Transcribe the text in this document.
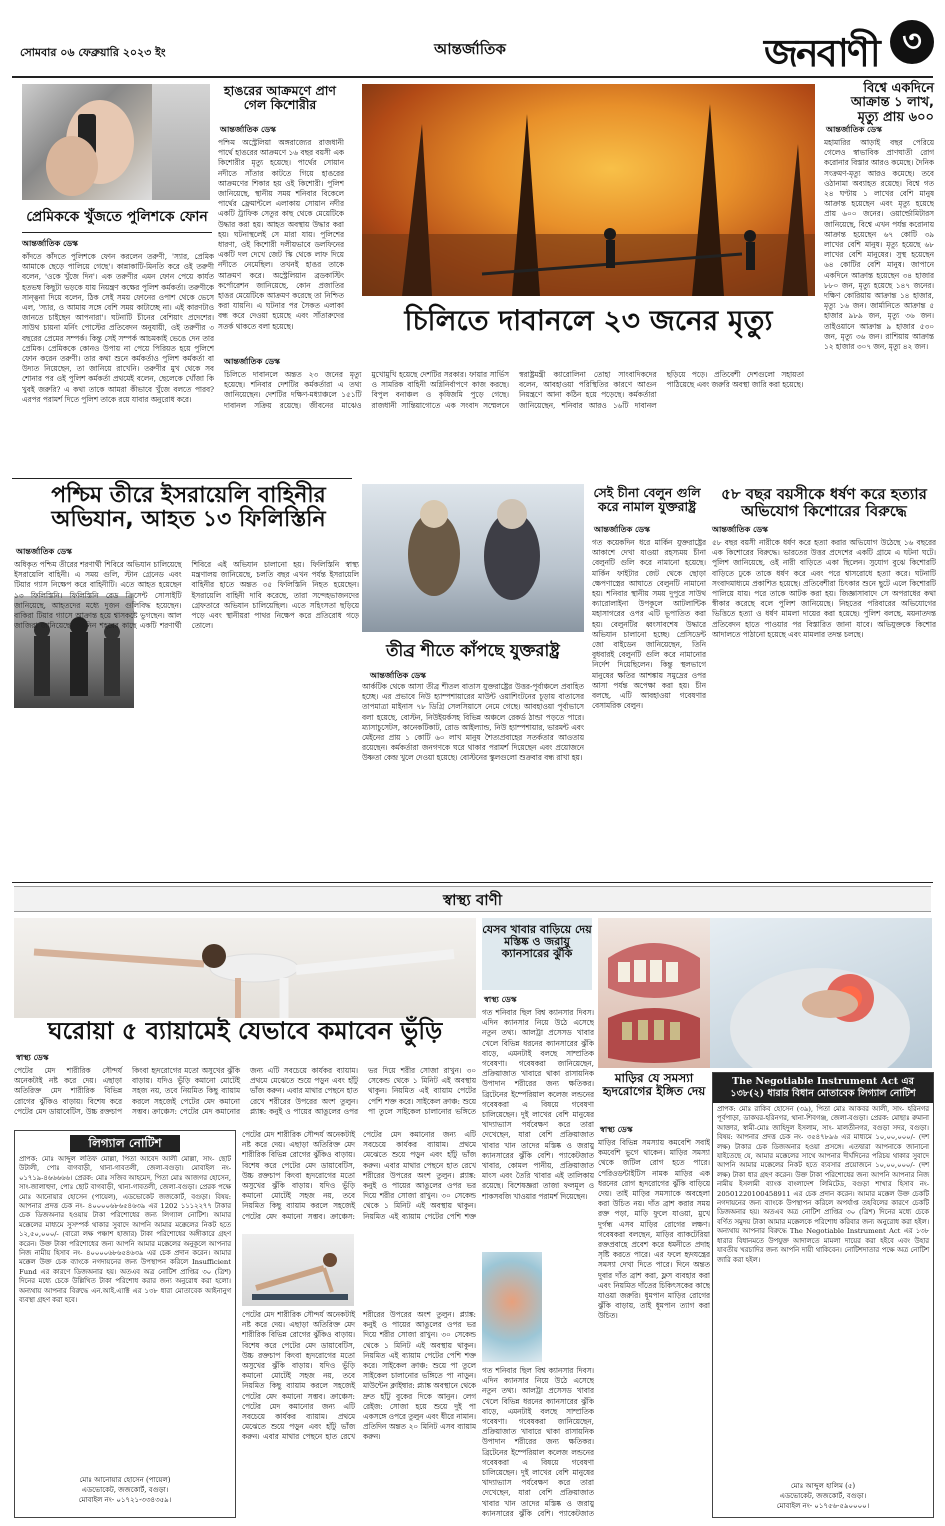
সোমবার ০৬ ফেব্রুয়ারি ২০২৩ ইং	আন্তর্জাতিক	জনবাণী ৩
প্রেমিককে খুঁজতে পুলিশকে ফোন
আন্তর্জাতিক ডেস্ক
কাঁদতে কাঁদতে পুলিশকে ফোন করলেন তরুণী, 'স্যার, প্রেমিক আমাকে ছেড়ে পালিয়ে গেছে'। কান্নাকাটি-মিনতি করে ওই তরুণী বলেন, 'ওকে খুঁজে দিন'। এক তরুণীর এমন ফোন পেয়ে কার্যত হতভম্ব কিছুটা ভড়কে যায় নিয়ন্ত্রণ কক্ষের পুলিশ কর্মকর্তা। তরুণীকে সান্ত্বনা দিয়ে বলেন, ঠিক সেই সময় ফোনের ওপাশ থেকে ভেসে এল, 'স্যার, ও আমায় সঙ্গে বেশি সময় কাটাচ্ছে না। এই কারণটাও জানতে চাইছেন আপনারা'। ঘটনাটি চীনের বেশিয়াং প্রদেশের। সাউথ চায়না মর্নিং পোস্টের প্রতিবেদন অনুযায়ী, ওই তরুণীর ৩ বছরের প্রেমের সম্পর্ক। কিন্তু সেই সম্পর্ক আচমকাই ভেঙে দেন তার প্রেমিক। প্রেমিককে কোনও উপায় না পেয়ে পিরিয়ত হয়ে পুলিশে ফোন করেন তরুণী। তার কথা শুনে কর্মকর্তাও পুলিশ কর্মকর্তা বা উদ্যত নিয়েছেন, তা জানিয়ে রাখেনি। তরুণীর মুখ থেকে সব শোনার পর ওই পুলিশ কর্মকর্তা প্রথমেই বলেন, ছেলেকে খোঁজা কি খুবই জরুরি? এ কথা তাকে আমরা কীভাবে খুঁজে বলতে পারব? এরপর পরামর্শ দিতে পুলিশ তাকে রয়ে যাবার অনুরোধ করে।
হাঙরের আক্রমণে প্রাণ গেল কিশোরীর
আন্তর্জাতিক ডেস্ক
পশ্চিম অস্ট্রেলিয়া অঙ্গরাজ্যের রাজধানী পার্থে হাঙরের আক্রমণে ১৬ বছর বয়সী এক কিশোরীর মৃত্যু হয়েছে। পার্থের সোয়ান নদীতে সাঁতার কাটতে গিয়ে হাঙরের আক্রমণের শিকার হয় ওই কিশোরী। পুলিশ জানিয়েছে, স্থানীয় সময় শনিবার বিকেলে পার্থের ফ্রেমান্টলে এলাকায় সোয়ান নদীর একটি ট্রাফিক সেতুর কাছ থেকে মেয়েটিকে উদ্ধার করা হয়। আহত অবস্থায় উদ্ধার করা হয়। ঘটনাস্থলেই সে মারা যায়। পুলিশের ধারণা, ওই কিশোরী দলীয়ভাবে ডলফিনের একটি দল দেখে জেট স্কি থেকে লাফ দিয়ে নদীতে নেমেছিল। তখনই হাঙর তাকে আক্রমণ করে। অস্ট্রেলিয়ান ব্রডকাস্টিং কর্পোরেশন জানিয়েছে, কোন প্রজাতির হাঙর মেয়েটিকে আক্রমণ করেছে তা নিশ্চিত করা যায়নি। এ ঘটনার পর সৈকত এলাকা বন্ধ করে দেওয়া হয়েছে এবং সাঁতারুদের সতর্ক থাকতে বলা হয়েছে।	চিলিতে দাবানলে ২৩ জনের মৃত্যু
আন্তর্জাতিক ডেস্ক
চিলিতে দাবানলে অন্তত ২৩ জনের মৃত্যু হয়েছে। শনিবার দেশটির কর্মকর্তারা এ তথ্য জানিয়েছেন। দেশটির দক্ষিণ-মধ্যাঞ্চলে ১৫১টি দাবানল সক্রিয় রয়েছে। জীবনের মাঝেও মুখোমুখি হয়েছে দেশটির সরকার। ফায়ার সার্ভিস ও সামরিক বাহিনী অগ্নিনির্বাপণে কাজ করছে। বিপুল বনাঞ্চল ও কৃষিজমি পুড়ে গেছে। রাজধানী সান্তিয়াগোতে এক সংবাদ সম্মেলনে স্বরাষ্ট্রমন্ত্রী ক্যারোলিনা তোহা সাংবাদিকদের বলেন, আবহাওয়া পরিস্থিতির কারণে আগুন নিয়ন্ত্রণে আনা কঠিন হয়ে পড়েছে। কর্মকর্তারা জানিয়েছেন, শনিবার আরও ১৬টি দাবানল ছড়িয়ে পড়ে। প্রতিবেশী দেশগুলো সহায়তা পাঠিয়েছে এবং জরুরি অবস্থা জারি করা হয়েছে।
বিশ্বে একদিনে আক্রান্ত ১ লাখ, মৃত্যু প্রায় ৬০০
আন্তর্জাতিক ডেস্ক
মহামারির আড়াই বছর পেরিয়ে গেলেও স্বাভাবিক প্রাণঘাতী রোগ করোনার বিস্তার আরও কমেছে। দৈনিক সংক্রমণ-মৃত্যু আরও কমেছে। তবে ওঠানামা অব্যাহত রয়েছে। বিশ্বে গত ২৪ ঘণ্টায় ১ লাখের বেশি মানুষ আক্রান্ত হয়েছেন এবং মৃত্যু হয়েছে প্রায় ৬০০ জনের। ওয়ার্ল্ডোমিটারস জানিয়েছে, বিশ্বে এখন পর্যন্ত করোনায় আক্রান্ত হয়েছেন ৬৭ কোটি ৩৯ লাখের বেশি মানুষ। মৃত্যু হয়েছে ৬৮ লাখের বেশি মানুষের। সুস্থ হয়েছেন ৬৪ কোটির বেশি মানুষ। জাপানে একদিনে আক্রান্ত হয়েছেন ৩৪ হাজার ৮৮০ জন, মৃত্যু হয়েছে ১৪৭ জনের। দক্ষিণ কোরিয়ায় আক্রান্ত ১৪ হাজার, মৃত্যু ১৬ জন। জার্মানিতে আক্রান্ত ৫ হাজার ৯৮৯ জন, মৃত্যু ৩৬ জন। তাইওয়ানে আক্রান্ত ৯ হাজার ৫৩০ জন, মৃত্যু ৩৬ জন। রাশিয়ায় আক্রান্ত ১২ হাজার ৩০৭ জন, মৃত্যু ৪২ জন।
পশ্চিম তীরে ইসরায়েলি বাহিনীর অভিযান, আহত ১৩ ফিলিস্তিনি
আন্তর্জাতিক ডেস্ক
অধিকৃত পশ্চিম তীরের শরণার্থী শিবিরে অভিযান চালিয়েছে ইসরায়েলি বাহিনী। এ সময় গুলি, স্টান গ্রেনেড এবং টিয়ার গ্যাস নিক্ষেপ করে বাহিনীটি। এতে আহত হয়েছেন ১৩ ফিলিস্তিনি। ফিলিস্তিনি রেড ক্রিসেন্ট সোসাইটি জানিয়েছে, আহতদের মধ্যে দুজন গুলিবিদ্ধ হয়েছেন। বাকিরা টিয়ার গ্যাসে আক্রান্ত হয়ে শ্বাসকষ্টে ভুগছেন। আল জাজিরা জানিয়েছে, জেনিন শহরের কাছে একটি শরণার্থী শিবিরে এই অভিযান চালানো হয়। ফিলিস্তিনি স্বাস্থ্য মন্ত্রণালয় জানিয়েছে, চলতি বছর এখন পর্যন্ত ইসরায়েলি বাহিনীর হাতে অন্তত ৩৫ ফিলিস্তিনি নিহত হয়েছেন। ইসরায়েলি বাহিনী দাবি করেছে, তারা সন্দেহভাজনদের গ্রেফতারে অভিযান চালিয়েছিল। এতে সহিংসতা ছড়িয়ে পড়ে এবং স্থানীয়রা পাথর নিক্ষেপ করে প্রতিরোধ গড়ে তোলে।
তীব্র শীতে কাঁপছে যুক্তরাষ্ট্র
আন্তর্জাতিক ডেস্ক
আর্কটিক থেকে আসা তীব্র শীতল বাতাস যুক্তরাষ্ট্রের উত্তর-পূর্বাঞ্চলে প্রবাহিত হচ্ছে। এর প্রভাবে নিউ হ্যাম্পশায়ারের মাউন্ট ওয়াশিংটনের চূড়ায় বাতাসের তাপমাত্রা মাইনাস ৭৮ ডিগ্রি সেলসিয়াসে নেমে গেছে। আবহাওয়া পূর্বাভাসে বলা হয়েছে, বোস্টন, নিউইয়র্কসহ বিভিন্ন অঞ্চলে রেকর্ড ঠান্ডা পড়তে পারে। ম্যাসাচুসেটস, কানেকটিকাট, রোড আইল্যান্ড, নিউ হ্যাম্পশায়ার, ভারমন্ট এবং মেইনের প্রায় ১ কোটি ৬০ লাখ মানুষ শৈত্যপ্রবাহের সতর্কতার আওতায় রয়েছেন। কর্মকর্তারা জনগণকে ঘরে থাকার পরামর্শ দিয়েছেন এবং প্রয়োজনে উষ্ণতা কেন্দ্র খুলে দেওয়া হয়েছে। বোস্টনের স্কুলগুলো শুক্রবার বন্ধ রাখা হয়।
সেই চীনা বেলুন গুলি করে নামাল যুক্তরাষ্ট্র
আন্তর্জাতিক ডেস্ক
গত কয়েকদিন ধরে মার্কিন যুক্তরাষ্ট্রের আকাশে দেখা যাওয়া রহস্যময় চীনা বেলুনটি গুলি করে নামানো হয়েছে। মার্কিন ফাইটার জেট থেকে ছোড়া ক্ষেপণাস্ত্রের আঘাতে বেলুনটি নামানো হয়। শনিবার স্থানীয় সময় দুপুরে সাউথ ক্যারোলাইনা উপকূলে আটলান্টিক মহাসাগরের ওপর এটি ভূপাতিত করা হয়। বেলুনটির ধ্বংসাবশেষ উদ্ধারে অভিযান চালানো হচ্ছে। প্রেসিডেন্ট জো বাইডেন জানিয়েছেন, তিনি বুধবারই বেলুনটি গুলি করে নামানোর নির্দেশ দিয়েছিলেন। কিন্তু স্থলভাগে মানুষের ক্ষতির আশঙ্কায় সমুদ্রের ওপর আসা পর্যন্ত অপেক্ষা করা হয়। চীন বলছে, এটি আবহাওয়া গবেষণার বেসামরিক বেলুন।
৫৮ বছর বয়সীকে ধর্ষণ করে হত্যার অভিযোগ কিশোরের বিরুদ্ধে
আন্তর্জাতিক ডেস্ক
৫৮ বছর বয়সী নারীকে ধর্ষণ করে হত্যা করার অভিযোগ উঠেছে ১৬ বছরের এক কিশোরের বিরুদ্ধে। ভারতের উত্তর প্রদেশের একটি গ্রামে এ ঘটনা ঘটে। পুলিশ জানিয়েছে, ওই নারী বাড়িতে একা ছিলেন। সুযোগ বুঝে কিশোরটি বাড়িতে ঢুকে তাকে ধর্ষণ করে এবং পরে শ্বাসরোধে হত্যা করে। ঘটনাটি সংবাদমাধ্যমে প্রকাশিত হয়েছে। প্রতিবেশীরা চিৎকার শুনে ছুটে এলে কিশোরটি পালিয়ে যায়। পরে তাকে আটক করা হয়। জিজ্ঞাসাবাদে সে অপরাধের কথা স্বীকার করেছে বলে পুলিশ জানিয়েছে। নিহতের পরিবারের অভিযোগের ভিত্তিতে হত্যা ও ধর্ষণ মামলা দায়ের করা হয়েছে। পুলিশ বলছে, ময়নাতদন্ত প্রতিবেদন হাতে পাওয়ার পর বিস্তারিত জানা যাবে। অভিযুক্তকে কিশোর আদালতে পাঠানো হয়েছে এবং মামলার তদন্ত চলছে।
স্বাস্থ্য বাণী
ঘরোয়া ৫ ব্যায়ামেই যেভাবে কমাবেন ভুঁড়ি
স্বাস্থ্য ডেস্ক
পেটের মেদ শারীরিক সৌন্দর্য অনেকটাই নষ্ট করে দেয়। এছাড়া অতিরিক্ত মেদ শারীরিক বিভিন্ন রোগের ঝুঁকিও বাড়ায়। বিশেষ করে পেটের মেদ ডায়াবেটিস, উচ্চ রক্তচাপ কিংবা হৃদরোগের মতো অসুখের ঝুঁকি বাড়ায়। যদিও ভুঁড়ি কমানো মোটেই সহজ নয়, তবে নিয়মিত কিছু ব্যায়াম করলে সহজেই পেটের মেদ কমানো সম্ভব। ক্রাঞ্চেস: পেটের মেদ কমানোর জন্য এটি সবচেয়ে কার্যকর ব্যায়াম। প্রথমে মেঝেতে শুয়ে পড়ুন এবং হাঁটু ভাঁজ করুন। এবার মাথার পেছনে হাত রেখে শরীরের উপরের অংশ তুলুন। প্ল্যাঙ্ক: কনুই ও পায়ের আঙুলের ওপর ভর দিয়ে শরীর সোজা রাখুন। ৩০ সেকেন্ড থেকে ১ মিনিট এই অবস্থায় থাকুন। নিয়মিত এই ব্যায়াম পেটের পেশি শক্ত করে। সাইকেল ক্রাঞ্চ: শুয়ে পা তুলে সাইকেল চালানোর ভঙ্গিতে
লিগ্যাল নোটিশ
প্রাপক: মোঃ আব্দুল লতিফ মোল্লা, পিতা আবেদ আলী মোল্লা, সাং- ছোট উটালী, পোঃ বাগবাড়ী, থানা-গাবতলী, জেলা-বগুড়া। মোবাইল নং- ০১৭১৯-৪৬৬৬৬৬। প্রেরক: মোঃ সজিব আহমেদ, পিতা মোঃ আজগর হোসেন, সাং-জালাহুদা, পোঃ ছোট বাগবাড়ী, থানা-গাবতলী, জেলা-বগুড়া। প্রেরক পক্ষে মোঃ আনোয়ার হোসেন (পায়েল), এডভোকেট জজকোর্ট, বগুড়া। বিষয়: আপনার প্রদত্ত চেক নং- ৪০০০০৬৮৬৫৪৬৩৯ এর 1202 ১১১২২৭৭ টাকার চেক ডিজঅনার হওয়ায় টাকা পরিশোধের জন্য লিগ্যাল নোটিশ। আমার মক্কেলের মাধ্যমে সুসম্পর্ক থাকার সুবাদে আপনি আমার মক্কেলের নিকট হতে ১২,৫০,০০০/- (বারো লক্ষ পঞ্চাশ হাজার) টাকা পরিশোধের অঙ্গীকারে গ্রহণ করেন। উক্ত টাকা পরিশোধের জন্য আপনি আমার মক্কেলের অনুকূলে আপনার নিজ নামীয় হিসাব নং- ৪০০০০৬৮৬৫৪৬৩৯ এর চেক প্রদান করেন। আমার মক্কেল উক্ত চেক ব্যাংকে নগদায়নের জন্য উপস্থাপন করিলে Insufficient Fund এর কারণে ডিজঅনার হয়। অতএব অত্র নোটিশ প্রাপ্তির ৩০ (ত্রিশ) দিনের মধ্যে চেকে উল্লিখিত টাকা পরিশোধ করার জন্য অনুরোধ করা হলো। অন্যথায় আপনার বিরুদ্ধে এন.আই.এ্যাক্ট এর ১৩৮ ধারা মোতাবেক আইনানুগ ব্যবস্থা গ্রহণ করা হবে।
মোঃ আনোয়ার হোসেন (পায়েল)
এডভোকেট, জজকোর্ট, বগুড়া।
মোবাইল নং- ০১৭২১-৩৩৪৩৫৯।
পেটের মেদ শারীরিক সৌন্দর্য অনেকটাই নষ্ট করে দেয়। এছাড়া অতিরিক্ত মেদ শারীরিক বিভিন্ন রোগের ঝুঁকিও বাড়ায়। বিশেষ করে পেটের মেদ ডায়াবেটিস, উচ্চ রক্তচাপ কিংবা হৃদরোগের মতো অসুখের ঝুঁকি বাড়ায়। যদিও ভুঁড়ি কমানো মোটেই সহজ নয়, তবে নিয়মিত কিছু ব্যায়াম করলে সহজেই পেটের মেদ কমানো সম্ভব। ক্রাঞ্চেস: পেটের মেদ কমানোর জন্য এটি সবচেয়ে কার্যকর ব্যায়াম। প্রথমে মেঝেতে শুয়ে পড়ুন এবং হাঁটু ভাঁজ করুন। এবার মাথার পেছনে হাত রেখে শরীরের উপরের অংশ তুলুন। প্ল্যাঙ্ক: কনুই ও পায়ের আঙুলের ওপর ভর দিয়ে শরীর সোজা রাখুন। ৩০ সেকেন্ড থেকে ১ মিনিট এই অবস্থায় থাকুন। নিয়মিত এই ব্যায়াম পেটের পেশি শক্ত
পেটের মেদ শারীরিক সৌন্দর্য অনেকটাই নষ্ট করে দেয়। এছাড়া অতিরিক্ত মেদ শারীরিক বিভিন্ন রোগের ঝুঁকিও বাড়ায়। বিশেষ করে পেটের মেদ ডায়াবেটিস, উচ্চ রক্তচাপ কিংবা হৃদরোগের মতো অসুখের ঝুঁকি বাড়ায়। যদিও ভুঁড়ি কমানো মোটেই সহজ নয়, তবে নিয়মিত কিছু ব্যায়াম করলে সহজেই পেটের মেদ কমানো সম্ভব। ক্রাঞ্চেস: পেটের মেদ কমানোর জন্য এটি সবচেয়ে কার্যকর ব্যায়াম। প্রথমে মেঝেতে শুয়ে পড়ুন এবং হাঁটু ভাঁজ করুন। এবার মাথার পেছনে হাত রেখে শরীরের উপরের অংশ তুলুন। প্ল্যাঙ্ক: কনুই ও পায়ের আঙুলের ওপর ভর দিয়ে শরীর সোজা রাখুন। ৩০ সেকেন্ড থেকে ১ মিনিট এই অবস্থায় থাকুন। নিয়মিত এই ব্যায়াম পেটের পেশি শক্ত করে। সাইকেল ক্রাঞ্চ: শুয়ে পা তুলে সাইকেল চালানোর ভঙ্গিতে পা নাড়ুন। মাউন্টেন ক্লাইম্বার: প্ল্যাঙ্ক অবস্থানে থেকে দ্রুত হাঁটু বুকের দিকে আনুন। লেগ রেইজ: সোজা হয়ে শুয়ে দুই পা একসঙ্গে ওপরে তুলুন এবং ধীরে নামান। প্রতিদিন অন্তত ২০ মিনিট এসব ব্যায়াম করুন।
যেসব খাবার বাড়িয়ে দেয় মস্তিষ্ক ও জরায়ু ক্যানসারের ঝুঁকি
স্বাস্থ্য ডেস্ক
গত শনিবার ছিল বিশ্ব ক্যানসার দিবস। এদিন ক্যানসার নিয়ে উঠে এসেছে নতুন তথ্য। আলট্রা প্রসেসড খাবার খেলে বিভিন্ন ধরনের ক্যানসারের ঝুঁকি বাড়ে, এমনটাই বলছে সাম্প্রতিক গবেষণা। গবেষকরা জানিয়েছেন, প্রক্রিয়াজাত খাবারে থাকা রাসায়নিক উপাদান শরীরের জন্য ক্ষতিকর। ব্রিটেনের ইম্পেরিয়াল কলেজ লন্ডনের গবেষকরা এ বিষয়ে গবেষণা চালিয়েছেন। দুই লাখের বেশি মানুষের খাদ্যাভ্যাস পর্যবেক্ষণ করে তারা দেখেছেন, যারা বেশি প্রক্রিয়াজাত খাবার খান তাদের মস্তিষ্ক ও জরায়ু ক্যানসারের ঝুঁকি বেশি। প্যাকেটজাত খাবার, কোমল পানীয়, প্রক্রিয়াজাত মাংস এবং তৈরি খাবার এই তালিকায় রয়েছে। বিশেষজ্ঞরা তাজা ফলমূল ও শাকসবজি খাওয়ার পরামর্শ দিয়েছেন।
গত শনিবার ছিল বিশ্ব ক্যানসার দিবস। এদিন ক্যানসার নিয়ে উঠে এসেছে নতুন তথ্য। আলট্রা প্রসেসড খাবার খেলে বিভিন্ন ধরনের ক্যানসারের ঝুঁকি বাড়ে, এমনটাই বলছে সাম্প্রতিক গবেষণা। গবেষকরা জানিয়েছেন, প্রক্রিয়াজাত খাবারে থাকা রাসায়নিক উপাদান শরীরের জন্য ক্ষতিকর। ব্রিটেনের ইম্পেরিয়াল কলেজ লন্ডনের গবেষকরা এ বিষয়ে গবেষণা চালিয়েছেন। দুই লাখের বেশি মানুষের খাদ্যাভ্যাস পর্যবেক্ষণ করে তারা দেখেছেন, যারা বেশি প্রক্রিয়াজাত খাবার খান তাদের মস্তিষ্ক ও জরায়ু ক্যানসারের ঝুঁকি বেশি। প্যাকেটজাত
মাড়ির যে সমস্যা হৃদরোগের ইঙ্গিত দেয়
স্বাস্থ্য ডেস্ক
মাড়ির বিভিন্ন সমস্যায় কমবেশি সবাই কমবেশি ভুগে থাকেন। মাড়ির সমস্যা থেকে জটিল রোগ হতে পারে। পেরিওডন্টাইটিস নামক মাড়ির এক ধরনের রোগ হৃদরোগের ঝুঁকি বাড়িয়ে দেয়। তাই মাড়ির সমস্যাকে অবহেলা করা উচিত নয়। দাঁত ব্রাশ করার সময় রক্ত পড়া, মাড়ি ফুলে যাওয়া, মুখে দুর্গন্ধ এসব মাড়ির রোগের লক্ষণ। গবেষকরা বলছেন, মাড়ির ব্যাকটেরিয়া রক্তপ্রবাহে প্রবেশ করে ধমনীতে প্রদাহ সৃষ্টি করতে পারে। এর ফলে হৃদযন্ত্রের সমস্যা দেখা দিতে পারে। দিনে অন্তত দুবার দাঁত ব্রাশ করা, ফ্লস ব্যবহার করা এবং নিয়মিত দাঁতের চিকিৎসকের কাছে যাওয়া জরুরি। ধূমপান মাড়ির রোগের ঝুঁকি বাড়ায়, তাই ধূমপান ত্যাগ করা উচিত।
The Negotiable Instrument Act এর ১৩৮(২) ধারার বিধান মোতাবেক লিগ্যাল নোটিশ
প্রাপক: মোঃ রাকিব হোসেন (৩৯), পিতা মোঃ আকবর আলী, সাং- হরিনগর পূর্বপাড়া, ডাকঘর-হরিনগর, থানা-শিবগঞ্জ, জেলা-বগুড়া। প্রেরক: মোছাঃ রুমানা আক্তার, স্বামী-মোঃ জাহিদুল ইসলাম, সাং- মালতীনগর, বগুড়া সদর, বগুড়া। বিষয়: আপনার প্রদত্ত চেক নং- ৩৫৪৭৮৯৬ এর মাধ্যমে ১০,০০,০০০/- (দশ লক্ষ) টাকার চেক ডিজঅনার হওয়া প্রসঙ্গে। এতদ্বারা আপনাকে জানানো যাইতেছে যে, আমার মক্কেলের সাথে আপনার দীর্ঘদিনের পরিচয় থাকার সুবাদে আপনি আমার মক্কেলের নিকট হতে ব্যবসার প্রয়োজনে ১০,০০,০০০/- (দশ লক্ষ) টাকা ধার গ্রহণ করেন। উক্ত টাকা পরিশোধের জন্য আপনি আপনার নিজ নামীয় ইসলামী ব্যাংক বাংলাদেশ লিমিটেড, বগুড়া শাখার হিসাব নং- 20501220100458911 এর চেক প্রদান করেন। আমার মক্কেল উক্ত চেকটি নগদায়নের জন্য ব্যাংকে উপস্থাপন করিলে অপর্যাপ্ত তহবিলের কারণে চেকটি ডিজঅনার হয়। অতএব অত্র নোটিশ প্রাপ্তির ৩০ (ত্রিশ) দিনের মধ্যে চেকে বর্ণিত সমুদয় টাকা আমার মক্কেলকে পরিশোধ করিবার জন্য অনুরোধ করা হইল। অন্যথায় আপনার বিরুদ্ধে The Negotiable Instrument Act এর ১৩৮ ধারার বিধানমতে উপযুক্ত আদালতে মামলা দায়ের করা হইবে এবং উহার যাবতীয় খরচাদির জন্য আপনি দায়ী থাকিবেন। নোটিশদাতার পক্ষে অত্র নোটিশ জারি করা হইল।
মোঃ আব্দুল হালিম (৫)
এডভোকেট, জজকোর্ট, বগুড়া।
মোবাইল নং- ০১৭৫৬-৫৯০০০০।
